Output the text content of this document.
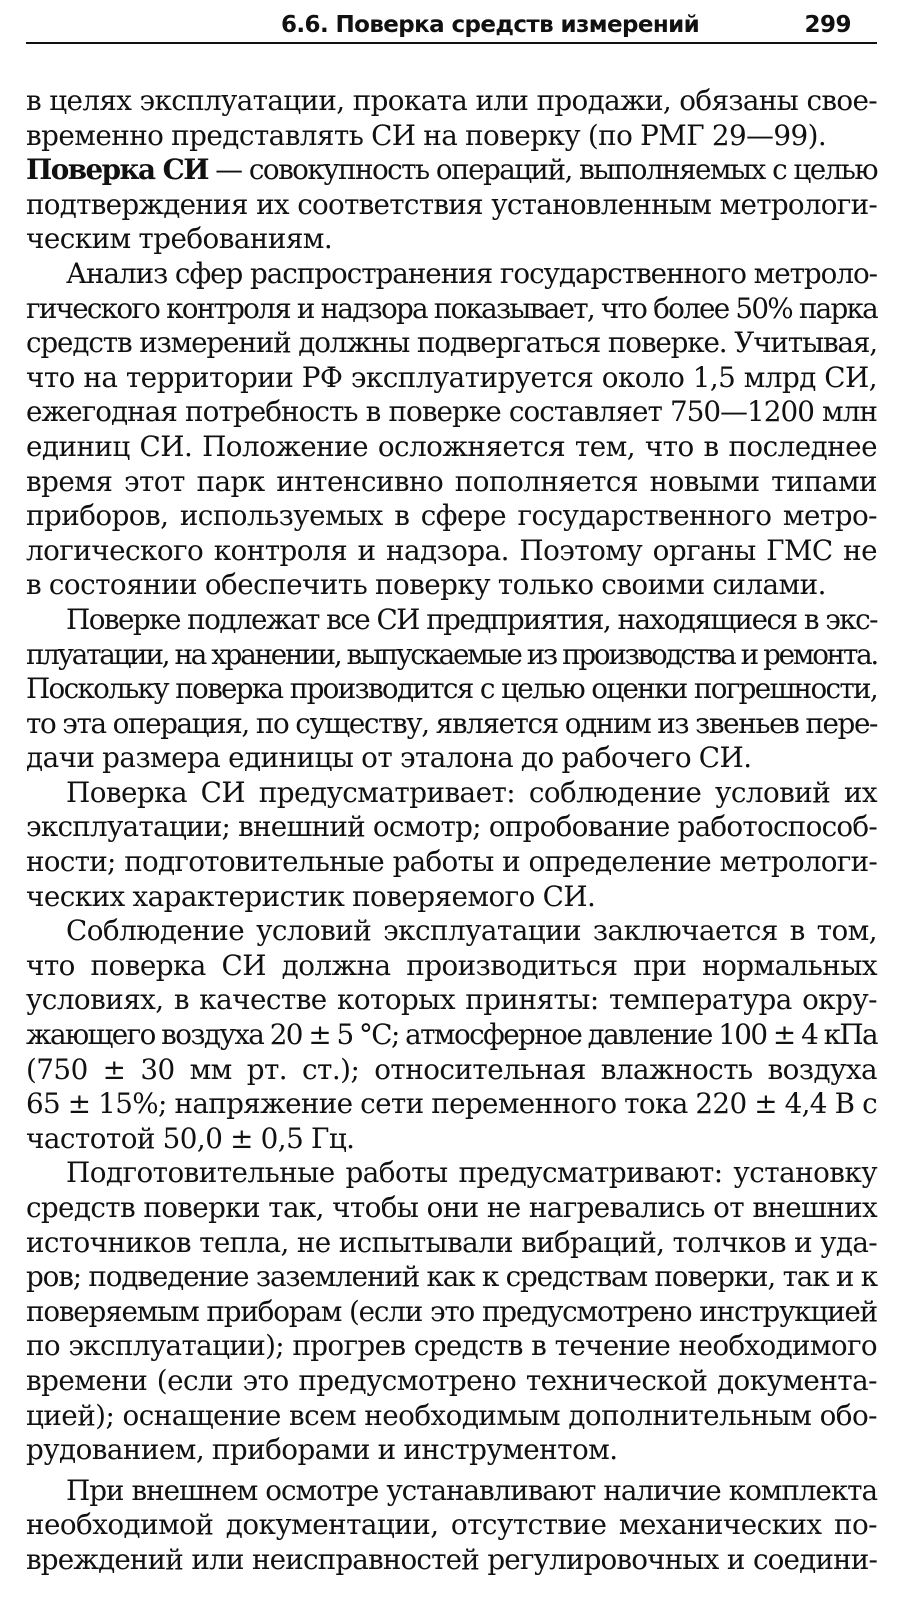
6.6. Поверка средств измерений	299
в целях эксплуатации, проката или продажи, обязаны свое-
временно представлять СИ на поверку (по РМГ 29—99).
Поверка СИ — совокупность операций, выполняемых с целью
подтверждения их соответствия установленным метрологи-
ческим требованиям.
Анализ сфер распространения государственного метроло-
гического контроля и надзора показывает, что более 50% парка
средств измерений должны подвергаться поверке. Учитывая,
что на территории РФ эксплуатируется около 1,5 млрд СИ,
ежегодная потребность в поверке составляет 750—1200 млн
единиц СИ. Положение осложняется тем, что в последнее
время этот парк интенсивно пополняется новыми типами
приборов, используемых в сфере государственного метро-
логического контроля и надзора. Поэтому органы ГМС не
в состоянии обеспечить поверку только своими силами.
Поверке подлежат все СИ предприятия, находящиеся в экс-
плуатации, на хранении, выпускаемые из производства и ремонта.
Поскольку поверка производится с целью оценки погрешности,
то эта операция, по существу, является одним из звеньев пере-
дачи размера единицы от эталона до рабочего СИ.
Поверка СИ предусматривает: соблюдение условий их
эксплуатации; внешний осмотр; опробование работоспособ-
ности; подготовительные работы и определение метрологи-
ческих характеристик поверяемого СИ.
Соблюдение условий эксплуатации заключается в том,
что поверка СИ должна производиться при нормальных
условиях, в качестве которых приняты: температура окру-
жающего воздуха 20 ± 5 °С; атмосферное давление 100 ± 4 кПа
(750 ± 30 мм рт. ст.); относительная влажность воздуха
65 ± 15%; напряжение сети переменного тока 220 ± 4,4 В с
частотой 50,0 ± 0,5 Гц.
Подготовительные работы предусматривают: установку
средств поверки так, чтобы они не нагревались от внешних
источников тепла, не испытывали вибраций, толчков и уда-
ров; подведение заземлений как к средствам поверки, так и к
поверяемым приборам (если это предусмотрено инструкцией
по эксплуатации); прогрев средств в течение необходимого
времени (если это предусмотрено технической документа-
цией); оснащение всем необходимым дополнительным обо-
рудованием, приборами и инструментом.
При внешнем осмотре устанавливают наличие комплекта
необходимой документации, отсутствие механических по-
вреждений или неисправностей регулировочных и соедини-
